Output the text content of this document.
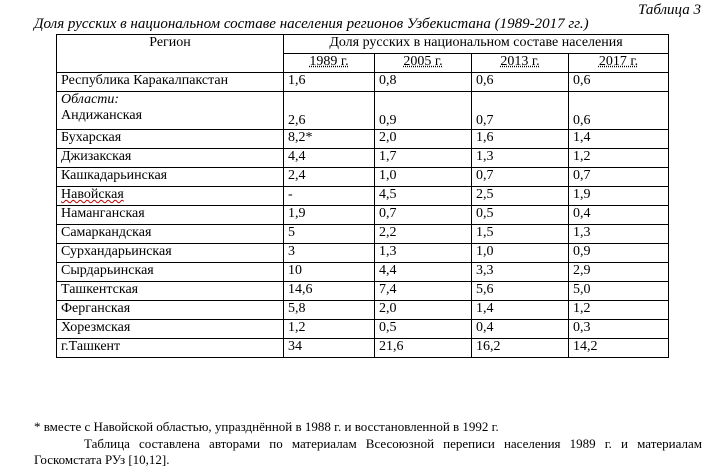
Таблица 3
Доля русских в национальном составе населения регионов Узбекистана (1989-2017 гг.)
Регион	Доля русских в национальном составе населения			
	1989 г.	2005 г.	2013 г.	2017 г.
Республика Каракалпакстан	1,6	0,8	0,6	0,6

Области:
Андижанская	2,6	0,9	0,7	0,6
Бухарская	8,2*	2,0	1,6	1,4
Джизакская	4,4	1,7	1,3	1,2
Кашкадарьинская	2,4	1,0	0,7	0,7
Навойская	-	4,5	2,5	1,9
Наманганская	1,9	0,7	0,5	0,4
Самаркандская	5	2,2	1,5	1,3
Сурхандарьинская	3	1,3	1,0	0,9
Сырдарьинская	10	4,4	3,3	2,9
Ташкентская	14,6	7,4	5,6	5,0
Ферганская	5,8	2,0	1,4	1,2
Хорезмская	1,2	0,5	0,4	0,3
г.Ташкент	34	21,6	16,2	14,2
* вместе с Навойской областью, упразднённой в 1988 г. и восстановленной в 1992 г.
Таблица составлена авторами по материалам Всесоюзной переписи населения 1989 г. и материалам Госкомстата РУз [10,12].
